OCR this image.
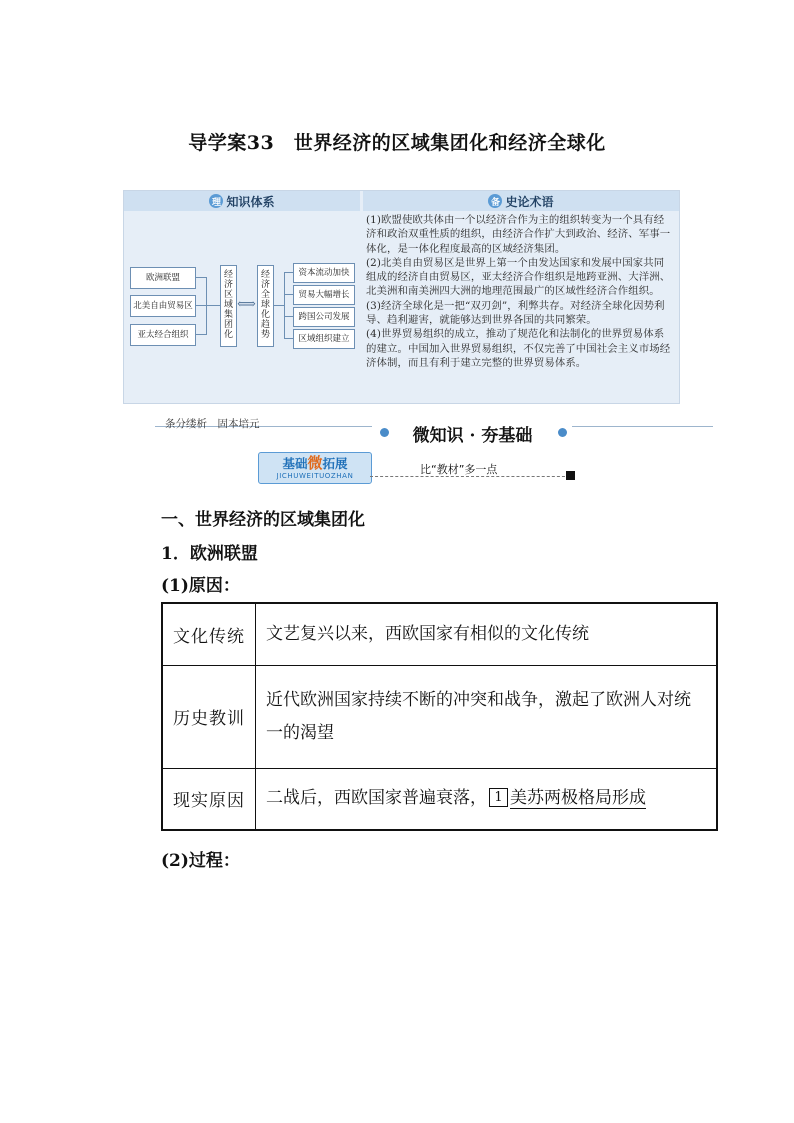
导学案33　世界经济的区域集团化和经济全球化
理 知识体系	备 史论术语
欧洲联盟
北美自由贸易区
亚太经合组织
经济区域集团化
⟺
经济全球化趋势
资本流动加快
贸易大幅增长
跨国公司发展
区域组织建立

(1)欧盟使欧共体由一个以经济合作为主的组织转变为一个具有经济和政治双重性质的组织，由经济合作扩大到政治、经济、军事一体化，是一体化程度最高的区域经济集团。

(2)北美自由贸易区是世界上第一个由发达国家和发展中国家共同组成的经济自由贸易区，亚太经济合作组织是地跨亚洲、大洋洲、北美洲和南美洲四大洲的地理范围最广的区域性经济合作组织。

(3)经济全球化是一把“双刃剑”，利弊共存。对经济全球化因势利导、趋利避害，就能够达到世界各国的共同繁荣。

(4)世界贸易组织的成立，推动了规范化和法制化的世界贸易体系的建立。中国加入世界贸易组织，不仅完善了中国社会主义市场经济体制，而且有利于建立完整的世界贸易体系。

条分缕析　固本培元
微知识 · 夯基础
基础微拓展
JICHUWEITUOZHAN	比“教材”多一点
一、世界经济的区域集团化
1．欧洲联盟
(1)原因：
文化传统	文艺复兴以来，西欧国家有相似的文化传统
历史教训	近代欧洲国家持续不断的冲突和战争，激起了欧洲人对统一的渴望
现实原因	二战后，西欧国家普遍衰落， 1 美苏两极格局形成
(2)过程：
